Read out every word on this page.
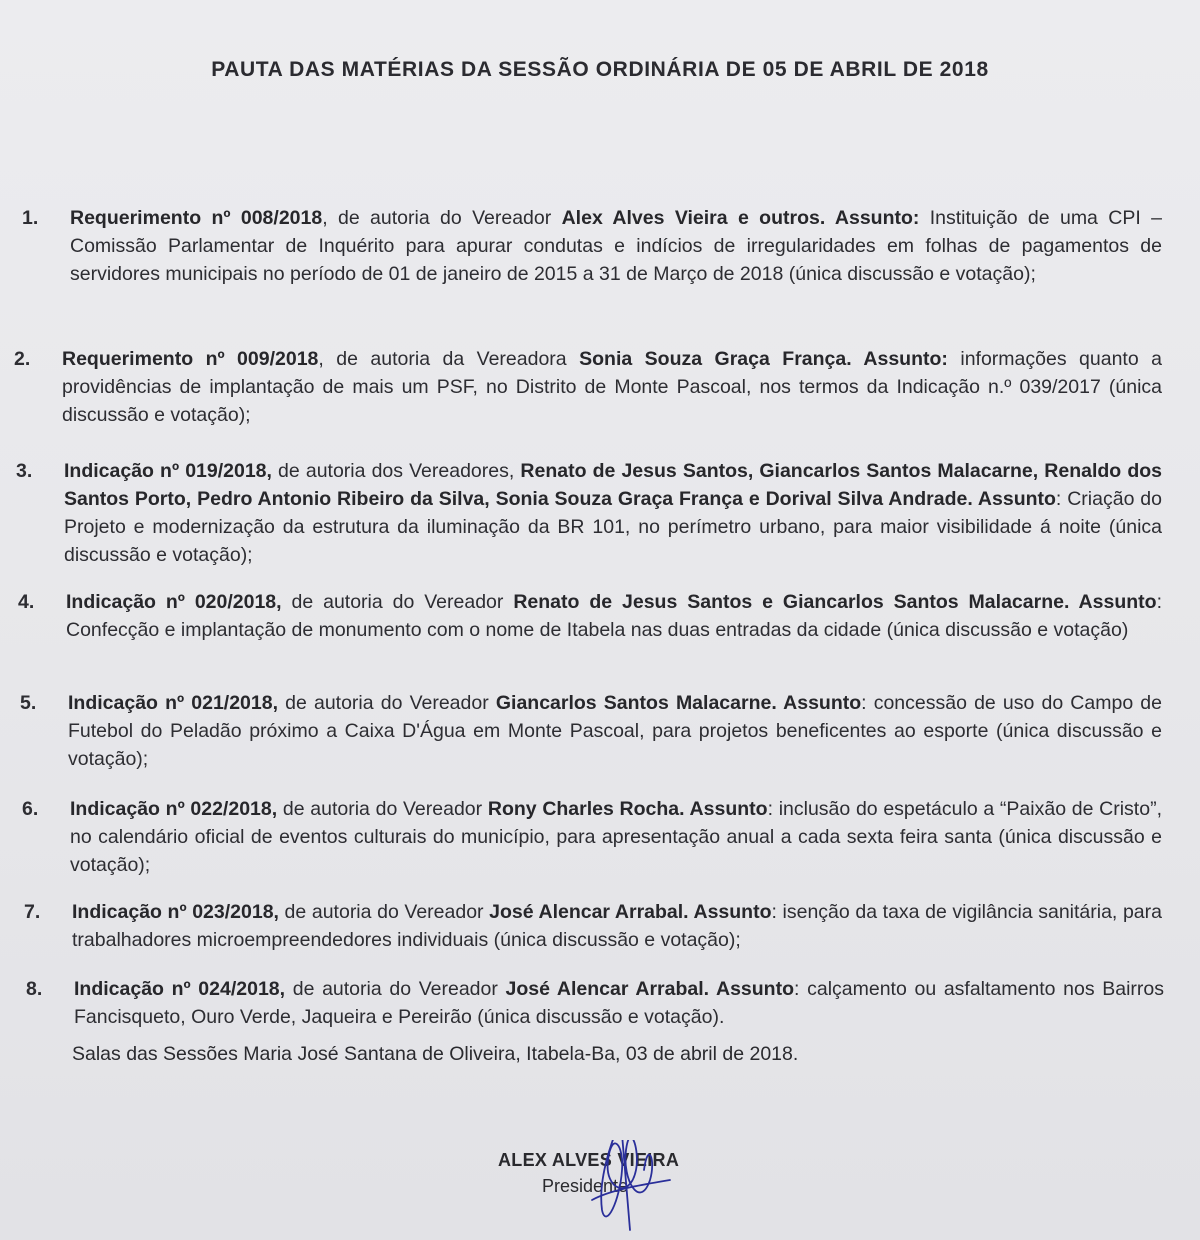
PAUTA DAS MATÉRIAS DA SESSÃO ORDINÁRIA DE 05 DE ABRIL DE 2018
1.	Requerimento nº 008/2018, de autoria do Vereador Alex Alves Vieira e outros. Assunto: Instituição de uma CPI – Comissão Parlamentar de Inquérito para apurar condutas e indícios de irregularidades em folhas de pagamentos de servidores municipais no período de 01 de janeiro de 2015 a 31 de Março de 2018 (única discussão e votação);
2.	Requerimento nº 009/2018, de autoria da Vereadora Sonia Souza Graça França. Assunto: informações quanto a providências de implantação de mais um PSF, no Distrito de Monte Pascoal, nos termos da Indicação n.º 039/2017 (única discussão e votação);
3.	Indicação nº 019/2018, de autoria dos Vereadores, Renato de Jesus Santos, Giancarlos Santos Malacarne, Renaldo dos Santos Porto, Pedro Antonio Ribeiro da Silva, Sonia Souza Graça França e Dorival Silva Andrade. Assunto: Criação do Projeto e modernização da estrutura da iluminação da BR 101, no perímetro urbano, para maior visibilidade á noite (única discussão e votação);
4.	Indicação nº 020/2018, de autoria do Vereador Renato de Jesus Santos e Giancarlos Santos Malacarne. Assunto: Confecção e implantação de monumento com o nome de Itabela nas duas entradas da cidade (única discussão e votação)
5.	Indicação nº 021/2018, de autoria do Vereador Giancarlos Santos Malacarne. Assunto: concessão de uso do Campo de Futebol do Peladão próximo a Caixa D'Água em Monte Pascoal, para projetos beneficentes ao esporte (única discussão e votação);
6.	Indicação nº 022/2018, de autoria do Vereador Rony Charles Rocha. Assunto: inclusão do espetáculo a “Paixão de Cristo”, no calendário oficial de eventos culturais do município, para apresentação anual a cada sexta feira santa (única discussão e votação);
7.	Indicação nº 023/2018, de autoria do Vereador José Alencar Arrabal. Assunto: isenção da taxa de vigilância sanitária, para trabalhadores microempreendedores individuais (única discussão e votação);
8.	Indicação nº 024/2018, de autoria do Vereador José Alencar Arrabal. Assunto: calçamento ou asfaltamento nos Bairros Fancisqueto, Ouro Verde, Jaqueira e Pereirão (única discussão e votação).
Salas das Sessões Maria José Santana de Oliveira, Itabela-Ba, 03 de abril de 2018.
ALEX ALVES VIEIRA
Presidente
